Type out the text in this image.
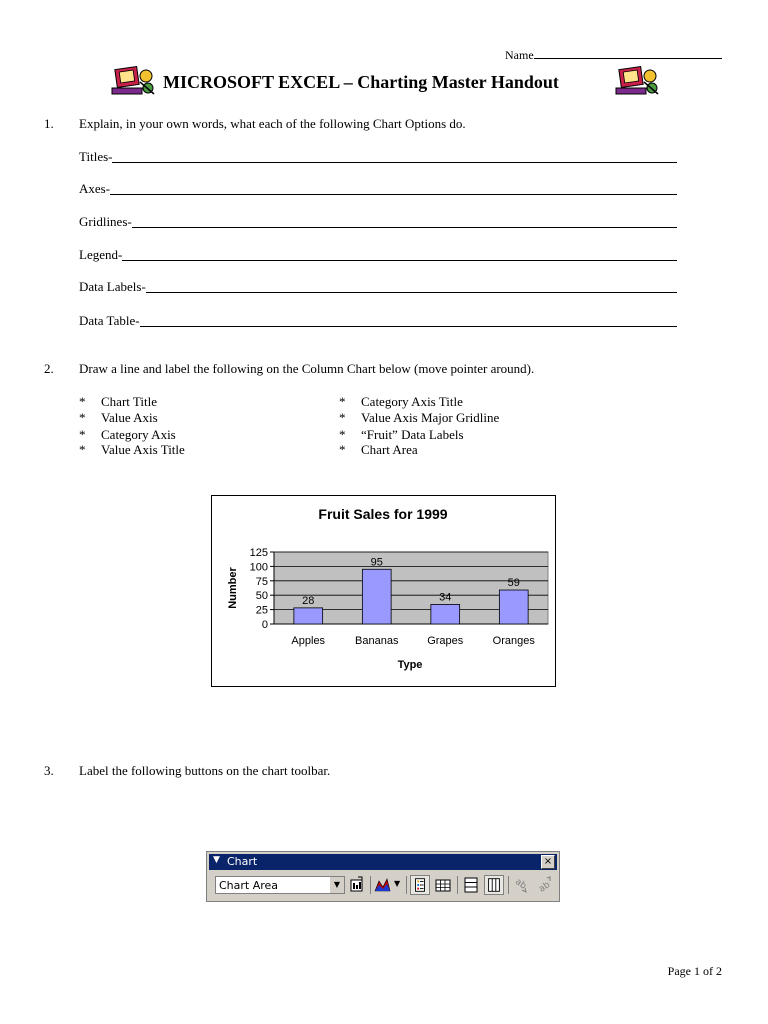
Name
MICROSOFT EXCEL – Charting Master Handout
1. Explain, in your own words, what each of the following Chart Options do.
Titles-
Axes-
Gridlines-
Legend-
Data Labels-
Data Table-
2. Draw a line and label the following on the Column Chart below (move pointer around).
* Chart Title
* Value Axis
* Category Axis
* Value Axis Title
* Category Axis Title
* Value Axis Major Gridline
* “Fruit” Data Labels
* Chart Area
Fruit Sales for 1999
Number
Type
0
25
50
75
100
125
28
Apples
95
Bananas
34
Grapes
59
Oranges
3. Label the following buttons on the chart toolbar.
▼ Chart	×
Chart Area	▼	▼	ab ab
Page 1 of 2
